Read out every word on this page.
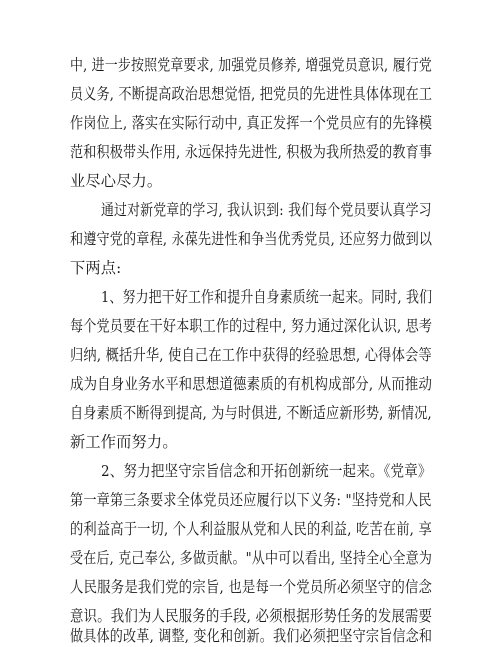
中, 进一步按照党章要求, 加强党员修养, 增强党员意识, 履行党
员义务, 不断提高政治思想觉悟, 把党员的先进性具体体现在工
作岗位上, 落实在实际行动中, 真正发挥一个党员应有的先锋模
范和积极带头作用, 永远保持先进性, 积极为我所热爱的教育事
业尽心尽力。
通过对新党章的学习, 我认识到: 我们每个党员要认真学习
和遵守党的章程, 永葆先进性和争当优秀党员, 还应努力做到以
下两点:
1、努力把干好工作和提升自身素质统一起来。同时, 我们
每个党员要在干好本职工作的过程中, 努力通过深化认识, 思考
归纳, 概括升华, 使自己在工作中获得的经验思想, 心得体会等
成为自身业务水平和思想道德素质的有机构成部分, 从而推动
自身素质不断得到提高, 为与时俱进, 不断适应新形势, 新情况,
新工作而努力。
2、努力把坚守宗旨信念和开拓创新统一起来。《党章》
第一章第三条要求全体党员还应履行以下义务: "坚持党和人民
的利益高于一切, 个人利益服从党和人民的利益, 吃苦在前, 享
受在后, 克己奉公, 多做贡献。"从中可以看出, 坚持全心全意为
人民服务是我们党的宗旨, 也是每一个党员所必须坚守的信念
意识。我们为人民服务的手段, 必须根据形势任务的发展需要
做具体的改革, 调整, 变化和创新。我们必须把坚守宗旨信念和
